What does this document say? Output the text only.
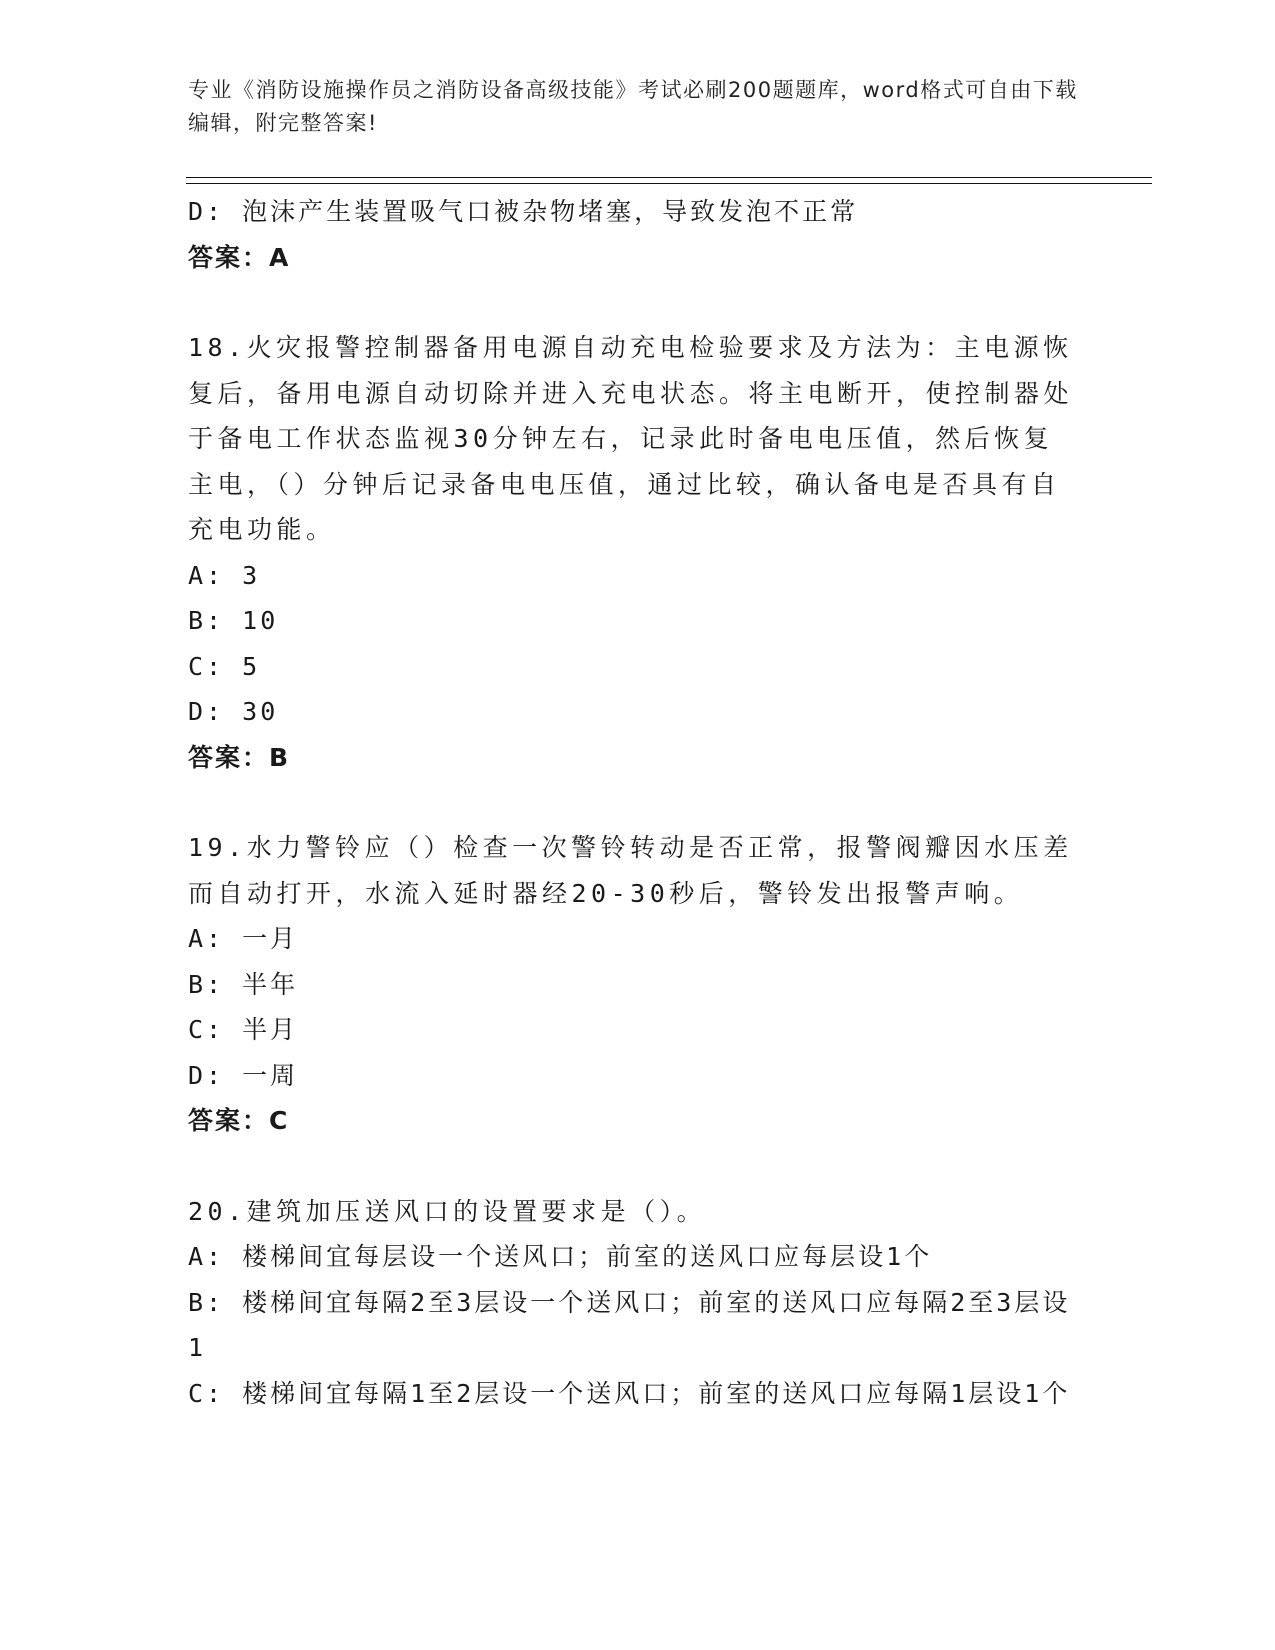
专业《消防设施操作员之消防设备高级技能》考试必刷200题题库，word格式可自由下载编辑，附完整答案!
D: 泡沫产生装置吸气口被杂物堵塞，导致发泡不正常
答案：A
18.火灾报警控制器备用电源自动充电检验要求及方法为：主电源恢复后，备用电源自动切除并进入充电状态。将主电断开，使控制器处于备电工作状态监视30分钟左右，记录此时备电电压值，然后恢复主电，（）分钟后记录备电电压值，通过比较，确认备电是否具有自充电功能。
A: 3
B: 10
C: 5
D: 30
答案：B
19.水力警铃应（）检查一次警铃转动是否正常，报警阀瓣因水压差而自动打开，水流入延时器经20-30秒后，警铃发出报警声响。
A: 一月
B: 半年
C: 半月
D: 一周
答案：C
20.建筑加压送风口的设置要求是（）。
A: 楼梯间宜每层设一个送风口；前室的送风口应每层设1个
B: 楼梯间宜每隔2至3层设一个送风口；前室的送风口应每隔2至3层设1
C: 楼梯间宜每隔1至2层设一个送风口；前室的送风口应每隔1层设1个
